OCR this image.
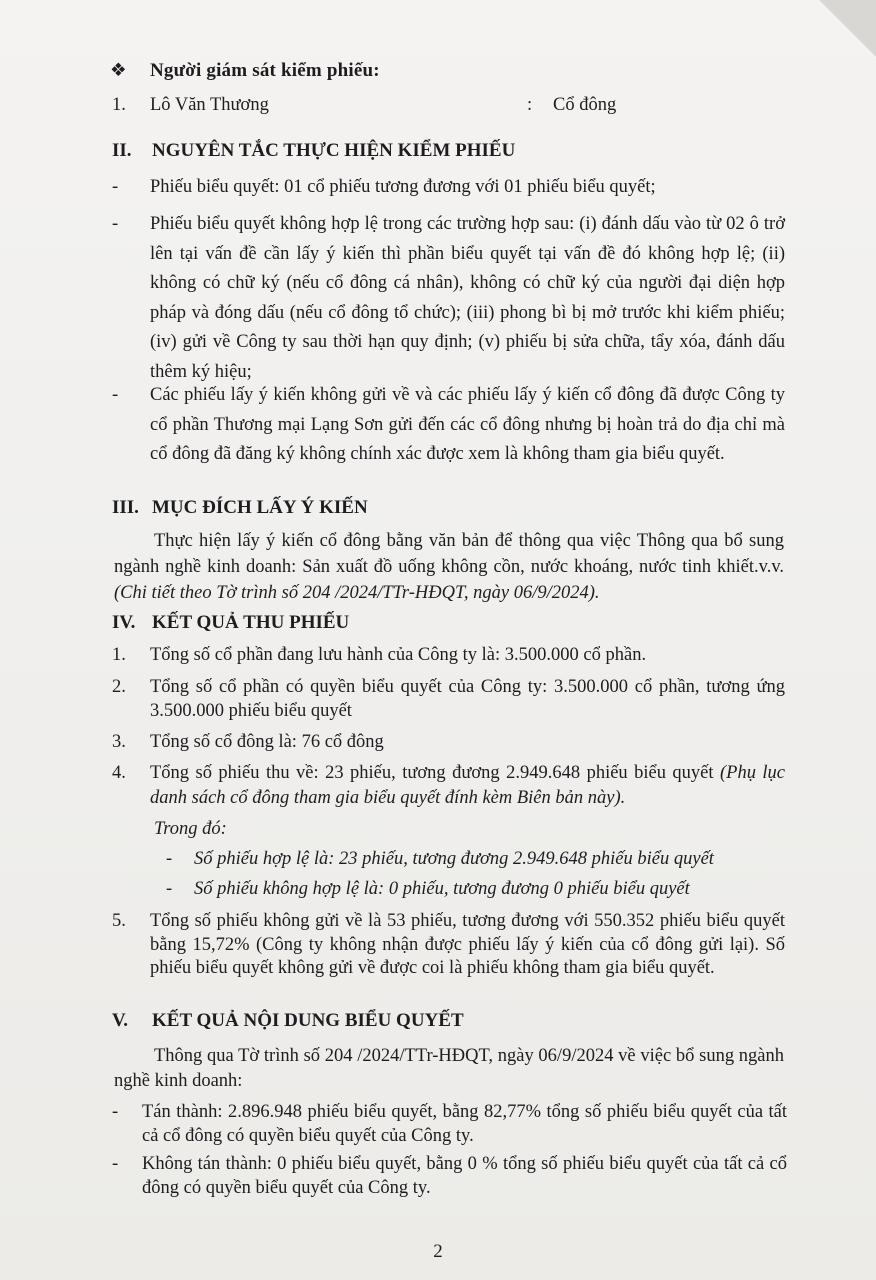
❖ Người giám sát kiểm phiếu:
1. Lô Văn Thương	: Cổ đông
II. NGUYÊN TẮC THỰC HIỆN KIỂM PHIẾU
- Phiếu biểu quyết: 01 cổ phiếu tương đương với 01 phiếu biểu quyết;
- Phiếu biểu quyết không hợp lệ trong các trường hợp sau: (i) đánh dấu vào từ 02 ô trở lên tại vấn đề cần lấy ý kiến thì phần biểu quyết tại vấn đề đó không hợp lệ; (ii) không có chữ ký (nếu cổ đông cá nhân), không có chữ ký của người đại diện hợp pháp và đóng dấu (nếu cổ đông tổ chức); (iii) phong bì bị mở trước khi kiểm phiếu; (iv) gửi về Công ty sau thời hạn quy định; (v) phiếu bị sửa chữa, tẩy xóa, đánh dấu thêm ký hiệu;
- Các phiếu lấy ý kiến không gửi về và các phiếu lấy ý kiến cổ đông đã được Công ty cổ phần Thương mại Lạng Sơn gửi đến các cổ đông nhưng bị hoàn trả do địa chỉ mà cổ đông đã đăng ký không chính xác được xem là không tham gia biểu quyết.
III. MỤC ĐÍCH LẤY Ý KIẾN
Thực hiện lấy ý kiến cổ đông bằng văn bản để thông qua việc Thông qua bổ sung ngành nghề kinh doanh: Sản xuất đồ uống không cồn, nước khoáng, nước tinh khiết.v.v. (Chi tiết theo Tờ trình số 204 /2024/TTr-HĐQT, ngày 06/9/2024).
IV. KẾT QUẢ THU PHIẾU
1. Tổng số cổ phần đang lưu hành của Công ty là: 3.500.000 cổ phần.
2. Tổng số cổ phần có quyền biểu quyết của Công ty: 3.500.000 cổ phần, tương ứng 3.500.000 phiếu biểu quyết
3. Tổng số cổ đông là: 76 cổ đông
4. Tổng số phiếu thu về: 23 phiếu, tương đương 2.949.648 phiếu biểu quyết (Phụ lục danh sách cổ đông tham gia biểu quyết đính kèm Biên bản này).
Trong đó:
- Số phiếu hợp lệ là: 23 phiếu, tương đương 2.949.648 phiếu biểu quyết
- Số phiếu không hợp lệ là: 0 phiếu, tương đương 0 phiếu biểu quyết
5. Tổng số phiếu không gửi về là 53 phiếu, tương đương với 550.352 phiếu biểu quyết bằng 15,72% (Công ty không nhận được phiếu lấy ý kiến của cổ đông gửi lại). Số phiếu biểu quyết không gửi về được coi là phiếu không tham gia biểu quyết.
V. KẾT QUẢ NỘI DUNG BIỂU QUYẾT
Thông qua Tờ trình số 204 /2024/TTr-HĐQT, ngày 06/9/2024 về việc bổ sung ngành nghề kinh doanh:
- Tán thành: 2.896.948 phiếu biểu quyết, bằng 82,77% tổng số phiếu biểu quyết của tất cả cổ đông có quyền biểu quyết của Công ty.
- Không tán thành: 0 phiếu biểu quyết, bằng 0 % tổng số phiếu biểu quyết của tất cả cổ đông có quyền biểu quyết của Công ty.
2
